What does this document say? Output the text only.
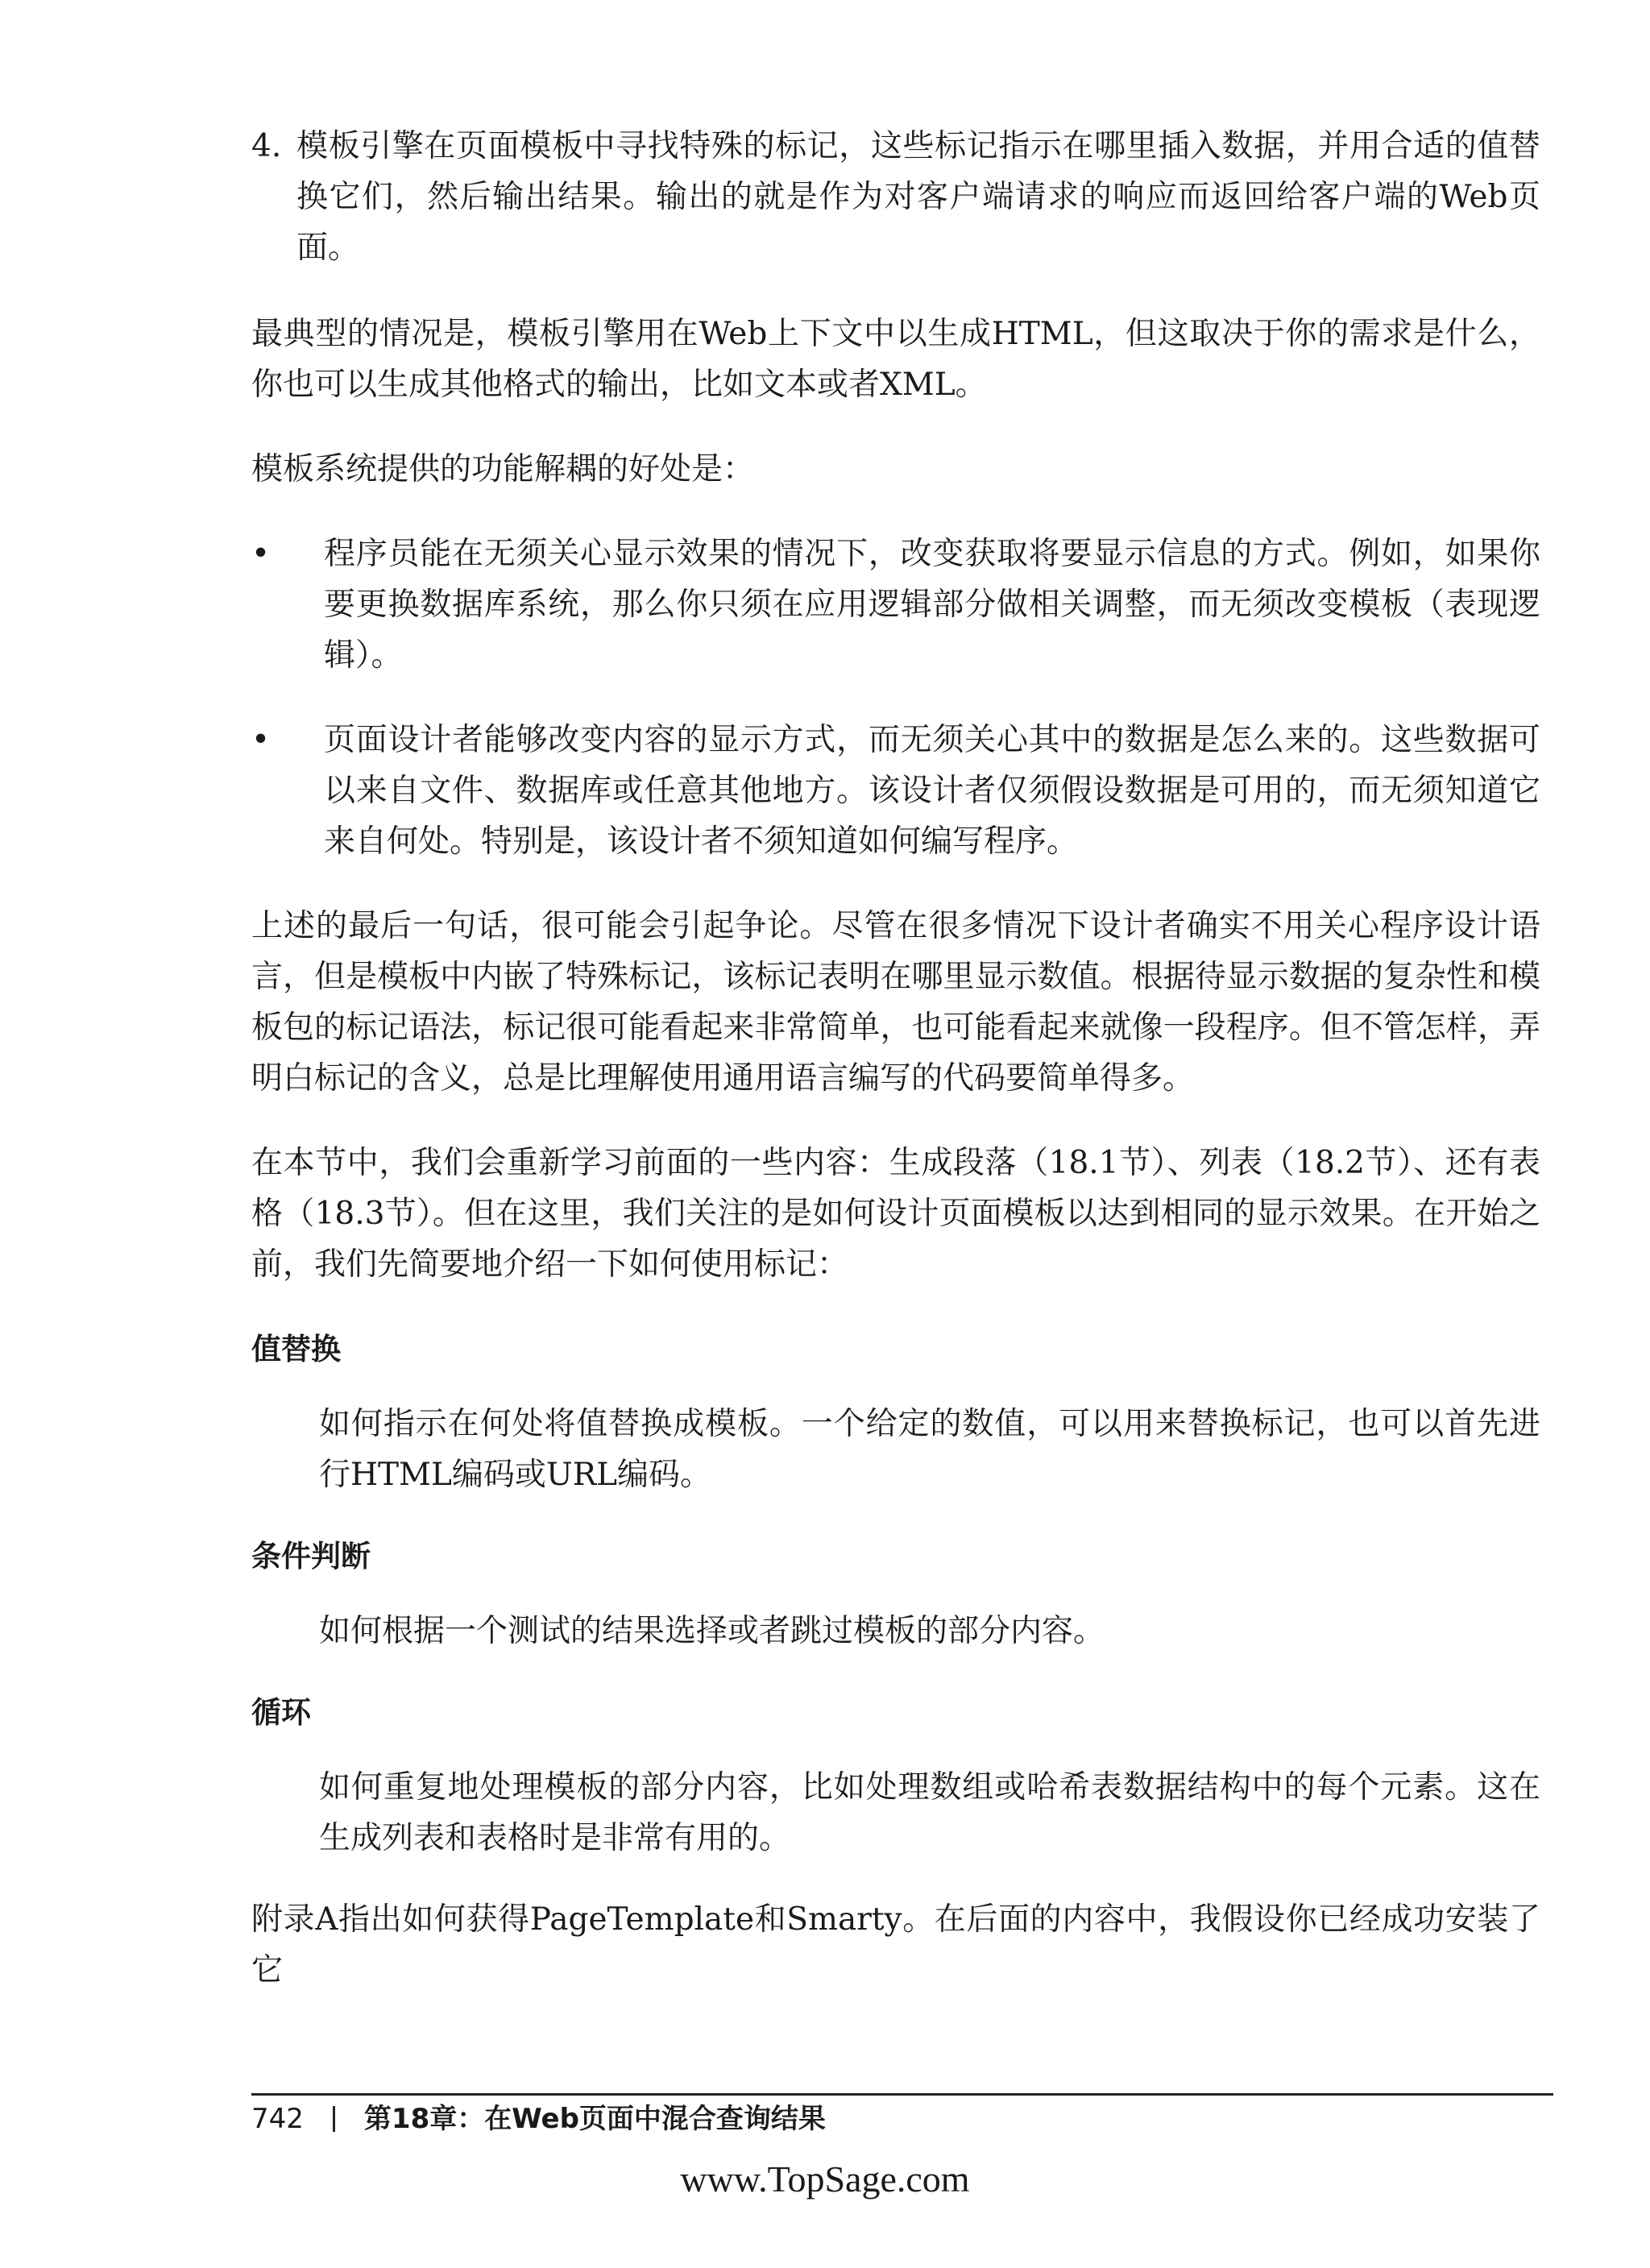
4. 模板引擎在页面模板中寻找特殊的标记，这些标记指示在哪里插入数据，并用合适的值替换它们，然后输出结果。输出的就是作为对客户端请求的响应而返回给客户端的Web页面。

最典型的情况是，模板引擎用在Web上下文中以生成HTML，但这取决于你的需求是什么，你也可以生成其他格式的输出，比如文本或者XML。

模板系统提供的功能解耦的好处是：

•	程序员能在无须关心显示效果的情况下，改变获取将要显示信息的方式。例如，如果你要更换数据库系统，那么你只须在应用逻辑部分做相关调整，而无须改变模板（表现逻辑）。

•	页面设计者能够改变内容的显示方式，而无须关心其中的数据是怎么来的。这些数据可以来自文件、数据库或任意其他地方。该设计者仅须假设数据是可用的，而无须知道它来自何处。特别是，该设计者不须知道如何编写程序。

上述的最后一句话，很可能会引起争论。尽管在很多情况下设计者确实不用关心程序设计语言，但是模板中内嵌了特殊标记，该标记表明在哪里显示数值。根据待显示数据的复杂性和模板包的标记语法，标记很可能看起来非常简单，也可能看起来就像一段程序。但不管怎样，弄明白标记的含义，总是比理解使用通用语言编写的代码要简单得多。

在本节中，我们会重新学习前面的一些内容：生成段落（18.1节）、列表（18.2节）、还有表格（18.3节）。但在这里，我们关注的是如何设计页面模板以达到相同的显示效果。在开始之前，我们先简要地介绍一下如何使用标记：

值替换

如何指示在何处将值替换成模板。一个给定的数值，可以用来替换标记，也可以首先进行HTML编码或URL编码。

条件判断

如何根据一个测试的结果选择或者跳过模板的部分内容。

循环

如何重复地处理模板的部分内容，比如处理数组或哈希表数据结构中的每个元素。这在生成列表和表格时是非常有用的。

附录A指出如何获得PageTemplate和Smarty。在后面的内容中，我假设你已经成功安装了它

742 第18章：在Web页面中混合查询结果
www.TopSage.com
